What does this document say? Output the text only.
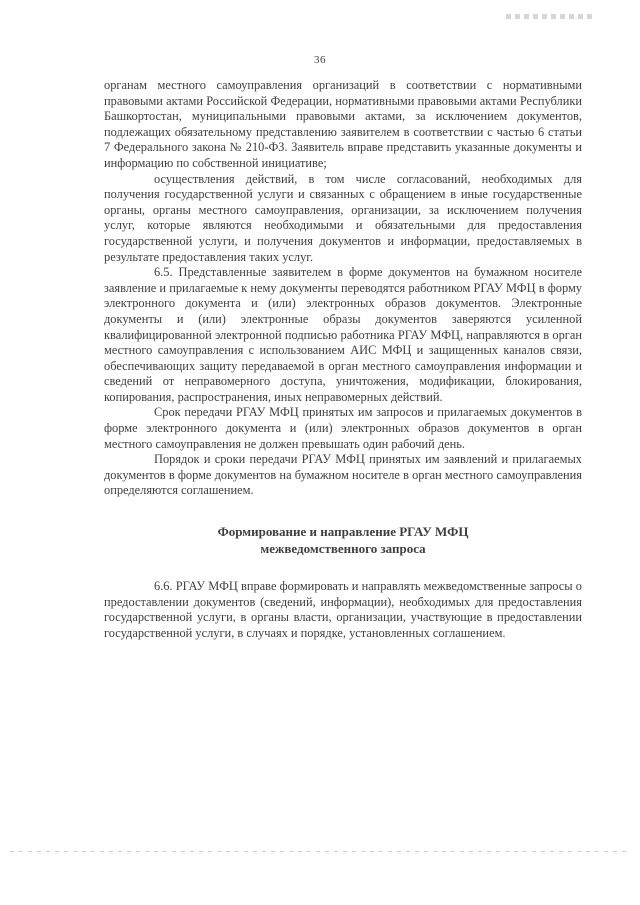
36

органам местного самоуправления организаций в соответствии с нормативными правовыми актами Российской Федерации, нормативными правовыми актами Республики Башкортостан, муниципальными правовыми актами, за исключением документов, подлежащих обязательному представлению заявителем в соответствии с частью 6 статьи 7 Федерального закона № 210-ФЗ. Заявитель вправе представить указанные документы и информацию по собственной инициативе;

осуществления действий, в том числе согласований, необходимых для получения государственной услуги и связанных с обращением в иные государственные органы, органы местного самоуправления, организации, за исключением получения услуг, которые являются необходимыми и обязательными для предоставления государственной услуги, и получения документов и информации, предоставляемых в результате предоставления таких услуг.

6.5. Представленные заявителем в форме документов на бумажном носителе заявление и прилагаемые к нему документы переводятся работником РГАУ МФЦ в форму электронного документа и (или) электронных образов документов. Электронные документы и (или) электронные образы документов заверяются усиленной квалифицированной электронной подписью работника РГАУ МФЦ, направляются в орган местного самоуправления с использованием АИС МФЦ и защищенных каналов связи, обеспечивающих защиту передаваемой в орган местного самоуправления информации и сведений от неправомерного доступа, уничтожения, модификации, блокирования, копирования, распространения, иных неправомерных действий.

Срок передачи РГАУ МФЦ принятых им запросов и прилагаемых документов в форме электронного документа и (или) электронных образов документов в орган местного самоуправления не должен превышать один рабочий день.

Порядок и сроки передачи РГАУ МФЦ принятых им заявлений и прилагаемых документов в форме документов на бумажном носителе в орган местного самоуправления определяются соглашением.

Формирование и направление РГАУ МФЦ
межведомственного запроса

6.6. РГАУ МФЦ вправе формировать и направлять межведомственные запросы о предоставлении документов (сведений, информации), необходимых для предоставления государственной услуги, в органы власти, организации, участвующие в предоставлении государственной услуги, в случаях и порядке, установленных соглашением.
